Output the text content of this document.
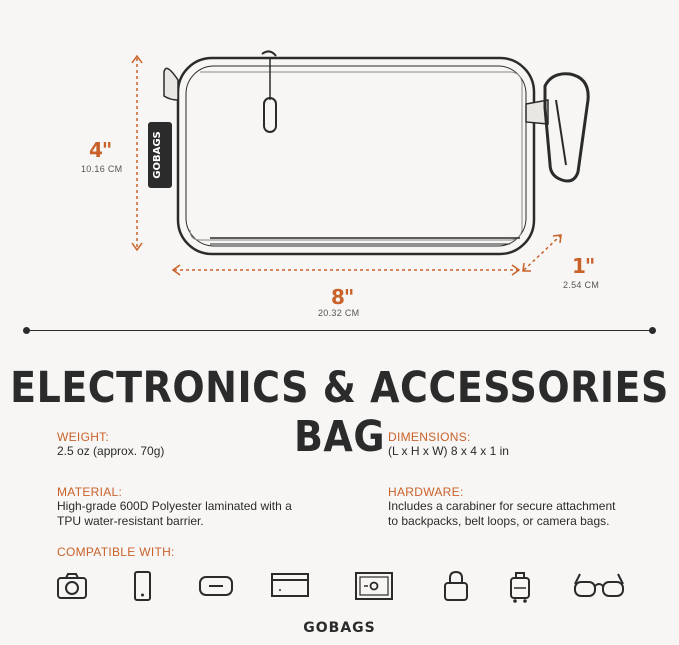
GOBAGS
4"
10.16 CM
8"
20.32 CM
1"
2.54 CM
ELECTRONICS & ACCESSORIES BAG
WEIGHT:
2.5 oz (approx. 70g)
DIMENSIONS:
(L x H x W) 8 x 4 x 1 in
MATERIAL:
High-grade 600D Polyester laminated with a
TPU water-resistant barrier.
HARDWARE:
Includes a carabiner for secure attachment
to backpacks, belt loops, or camera bags.
COMPATIBLE WITH:
GOBAGS
